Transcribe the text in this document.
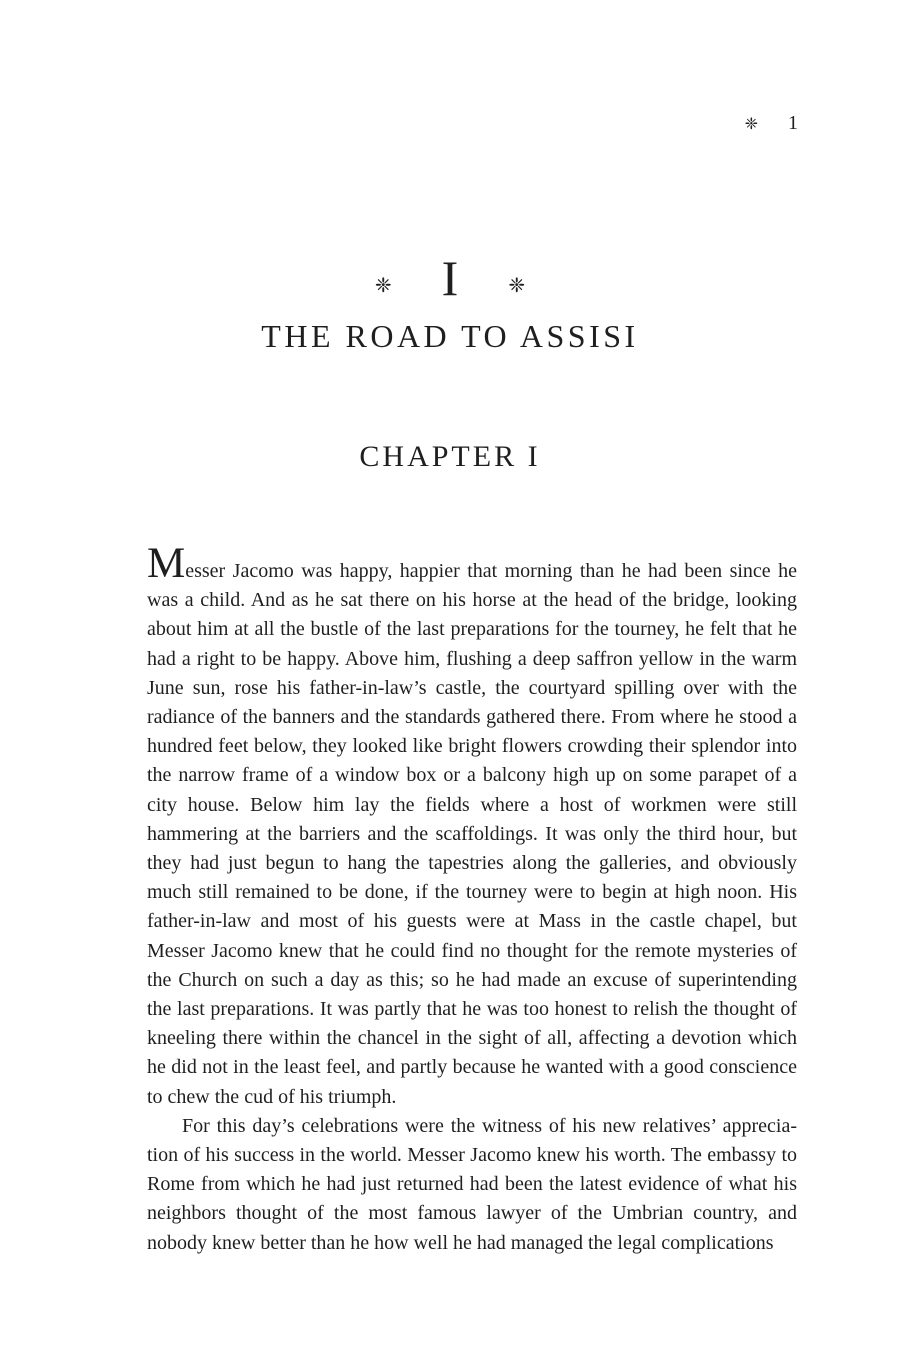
❈ 1
❈ I	❈
THE ROAD TO ASSISI
CHAPTER I

Messer Jacomo was happy, happier that morning than he had been since he was a child. And as he sat there on his horse at the head of the bridge, looking about him at all the bustle of the last preparations for the tourney, he felt that he had a right to be happy. Above him, flushing a deep saffron yellow in the warm June sun, rose his father-in-law’s castle, the courtyard spilling over with the radiance of the banners and the standards gathered there. From where he stood a hundred feet below, they looked like bright flowers crowding their splendor into the narrow frame of a window box or a balcony high up on some parapet of a city house. Below him lay the fields where a host of workmen were still hammering at the barriers and the scaffoldings. It was only the third hour, but they had just begun to hang the tapestries along the galleries, and obviously much still remained to be done, if the tourney were to begin at high noon. His father-in-law and most of his guests were at Mass in the castle chapel, but Messer Jacomo knew that he could find no thought for the remote mysteries of the Church on such a day as this; so he had made an excuse of superintending the last preparations. It was partly that he was too honest to relish the thought of kneeling there within the chancel in the sight of all, affecting a devotion which he did not in the least feel, and partly because he wanted with a good conscience to chew the cud of his triumph.

For this day’s celebrations were the witness of his new relatives’ appreciation of his success in the world. Messer Jacomo knew his worth. The embassy to Rome from which he had just returned had been the latest evidence of what his neighbors thought of the most famous lawyer of the Umbrian country, and nobody knew better than he how well he had managed the legal complications
